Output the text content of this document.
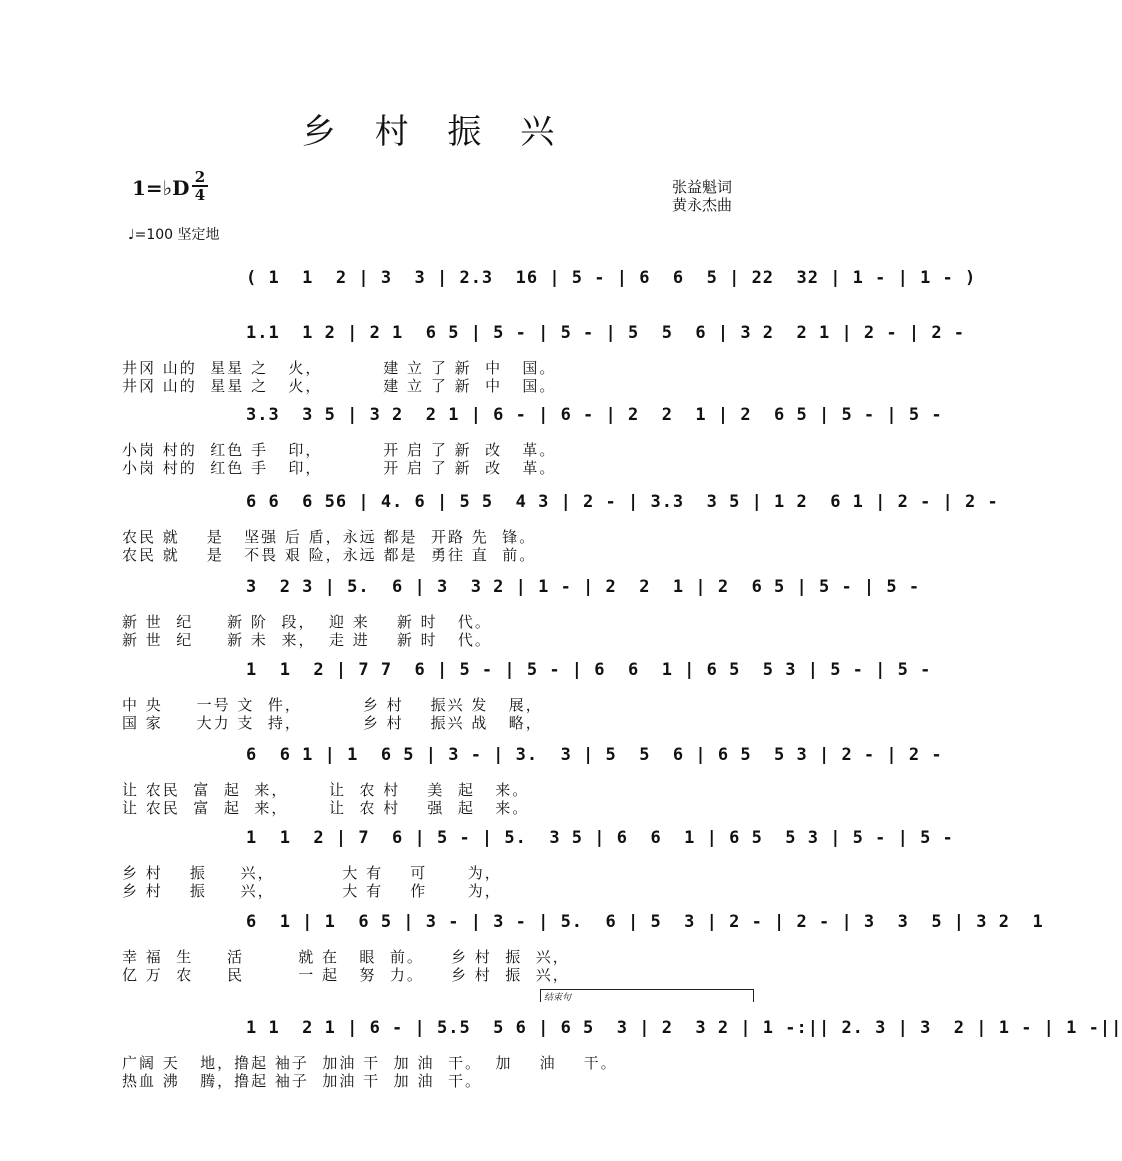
乡 村 振 兴
1=♭D 2
4	张益魁词
黄永杰曲
♩=100 坚定地
( 1  1  2 | 3  3 | 2.3  16 | 5 - | 6  6  5 | 22  32 | 1 - | 1 - )
1.1  1 2 | 2 1  6 5 | 5 - | 5 - | 5  5  6 | 3 2  2 1 | 2 - | 2 -
井冈 山的  星星 之   火，         建 立 了 新  中   国。
井冈 山的  星星 之   火，         建 立 了 新  中   国。
3.3  3 5 | 3 2  2 1 | 6 - | 6 - | 2  2  1 | 2  6 5 | 5 - | 5 -
小岗 村的  红色 手   印，         开 启 了 新  改   革。
小岗 村的  红色 手   印，         开 启 了 新  改   革。
6 6  6 56 | 4. 6 | 5 5  4 3 | 2 - | 3.3  3 5 | 1 2  6 1 | 2 - | 2 -
农民 就    是   坚强 后 盾，永远 都是  开路 先  锋。
农民 就    是   不畏 艰 险，永远 都是  勇往 直  前。
3  2 3 | 5.  6 | 3  3 2 | 1 - | 2  2  1 | 2  6 5 | 5 - | 5 -
新 世  纪     新 阶  段，  迎 来    新 时   代。
新 世  纪     新 未  来，  走 进    新 时   代。
1  1  2 | 7 7  6 | 5 - | 5 - | 6  6  1 | 6 5  5 3 | 5 - | 5 -
中 央     一号 文  件，         乡 村    振兴 发   展，
国 家     大力 支  持，         乡 村    振兴 战   略，
6  6 1 | 1  6 5 | 3 - | 3.  3 | 5  5  6 | 6 5  5 3 | 2 - | 2 -
让 农民  富  起  来，      让  农 村    美  起   来。
让 农民  富  起  来，      让  农 村    强  起   来。
1  1  2 | 7  6 | 5 - | 5.  3 5 | 6  6  1 | 6 5  5 3 | 5 - | 5 -
乡 村    振     兴，          大 有    可      为，
乡 村    振     兴，          大 有    作      为，
6  1 | 1  6 5 | 3 - | 3 - | 5.  6 | 5  3 | 2 - | 2 - | 3  3  5 | 3 2  1
幸 福  生     活        就 在   眼  前。    乡 村  振  兴，
亿 万  农     民        一 起   努  力。    乡 村  振  兴，
1 1  2 1 | 6 - | 5.5  5 6 | 6 5  3 | 2  3 2 | 1 -:|| 2. 3 | 3  2 | 1 - | 1 -||
广阔 天   地，撸起 袖子  加油 干  加 油  干。  加    油    干。
热血 沸   腾，撸起 袖子  加油 干  加 油  干。
结束句
